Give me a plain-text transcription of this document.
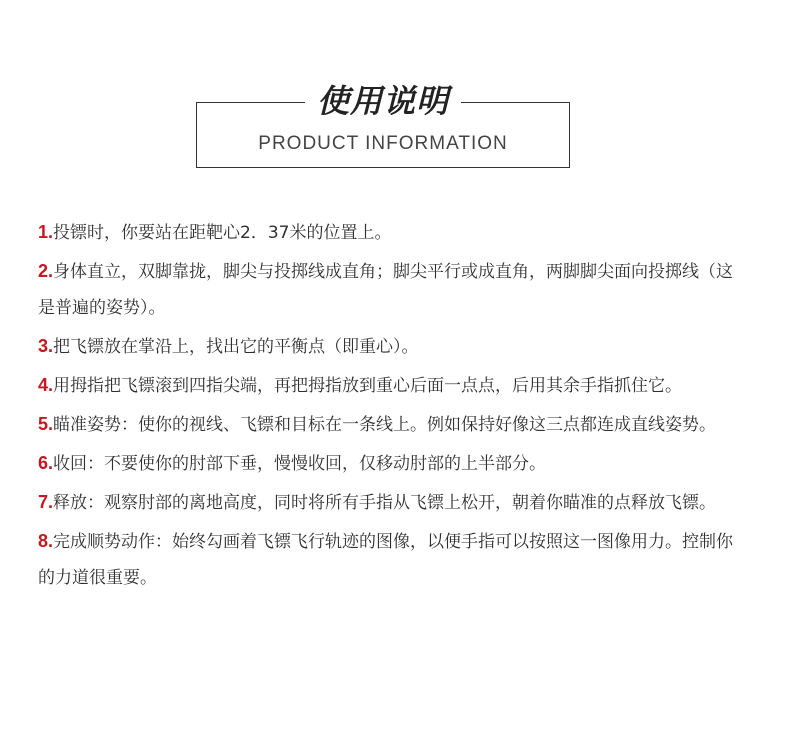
使用说明
PRODUCT INFORMATION
1.投镖时，你要站在距靶心2．37米的位置上。
2.身体直立，双脚靠拢，脚尖与投掷线成直角；脚尖平行或成直角，两脚脚尖面向投掷线（这是普遍的姿势）。
3.把飞镖放在掌沿上，找出它的平衡点（即重心）。
4.用拇指把飞镖滚到四指尖端，再把拇指放到重心后面一点点，后用其余手指抓住它。
5.瞄准姿势：使你的视线、飞镖和目标在一条线上。例如保持好像这三点都连成直线姿势。
6.收回：不要使你的肘部下垂，慢慢收回，仅移动肘部的上半部分。
7.释放：观察肘部的离地高度，同时将所有手指从飞镖上松开，朝着你瞄准的点释放飞镖。
8.完成顺势动作：始终勾画着飞镖飞行轨迹的图像，以便手指可以按照这一图像用力。控制你的力道很重要。
